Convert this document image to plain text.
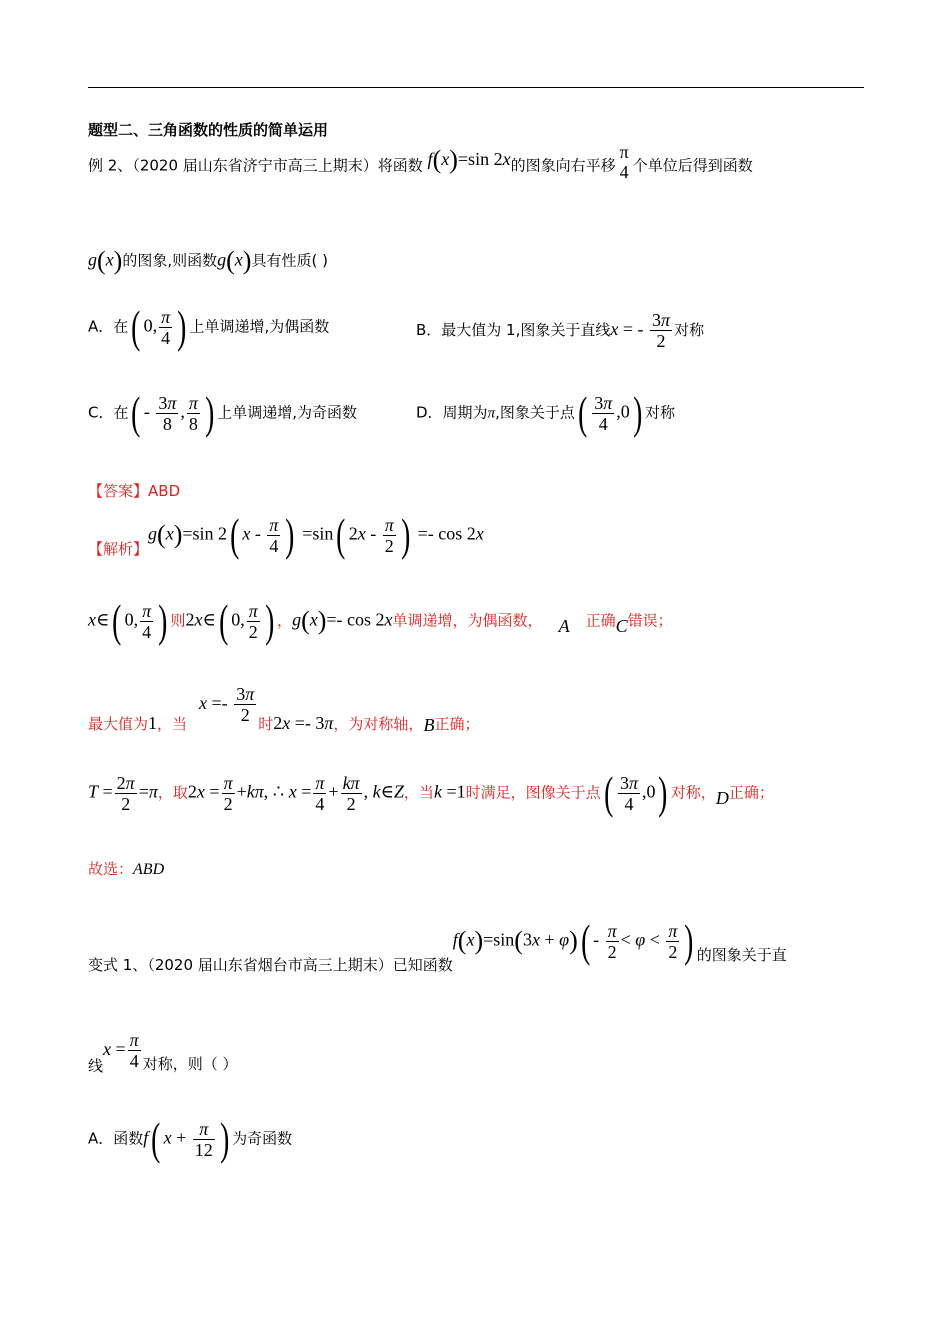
题型二、三角函数的性质的简单运用
例 2、（2020 届山东省济宁市高三上期末）将函数 f(x)=sin 2x的图象向右平移
π
4 个单位后得到函数
g(x)的图象,则函数g(x)具有性质( )
A．在( 0, $\frac{\pi}{4}$ ) 上单调递增,为偶函数	B．最大值为 1,图象关于直线x = - $\frac{3\pi}{2}$ 对称
C．在( - $\frac{3\pi}{8}$ , $\frac{\pi}{8}$ ) 上单调递增,为奇函数	D．周期为π,图象关于点( $\frac{3\pi}{4} ,0$) 对称
【答案】ABD
【解析】g(x)=sin 2( x - $\frac{\pi}{4}$ ) =sin( $2x - \frac{\pi}{2}$ ) =- cos 2x
x∈( 0, $\frac{\pi}{4}$ ) 则2x∈( 0, $\frac{\pi}{2}$ ) ，g(x)=- cos 2x单调递增，为偶函数， A 正确C错误；
最大值为1，当$x =- \frac{3\pi}{2}$ 时2x =- 3π，为对称轴，B正确；
$T = \frac{2\pi}{2} =\pi$，取$2x = \frac{\pi}{2} +k\pi$, ∴ $x = \frac{\pi}{4} + \frac{k\pi}{2}$ , k∈Z，当k =1时满足，图像关于点( $\frac{3\pi}{4} ,0$) 对称，D正确；
故选：ABD
变式 1、（2020 届山东省烟台市高三上期末）已知函数$f(x)=\sin(3x + \varphi)( - \frac{\pi}{2} < \varphi < \frac{\pi}{2}$ ) 的图象关于直
线$x = \frac{\pi}{4}$ 对称，则（ ）
A．函数f( $x + \frac{\pi}{12}$ ) 为奇函数
